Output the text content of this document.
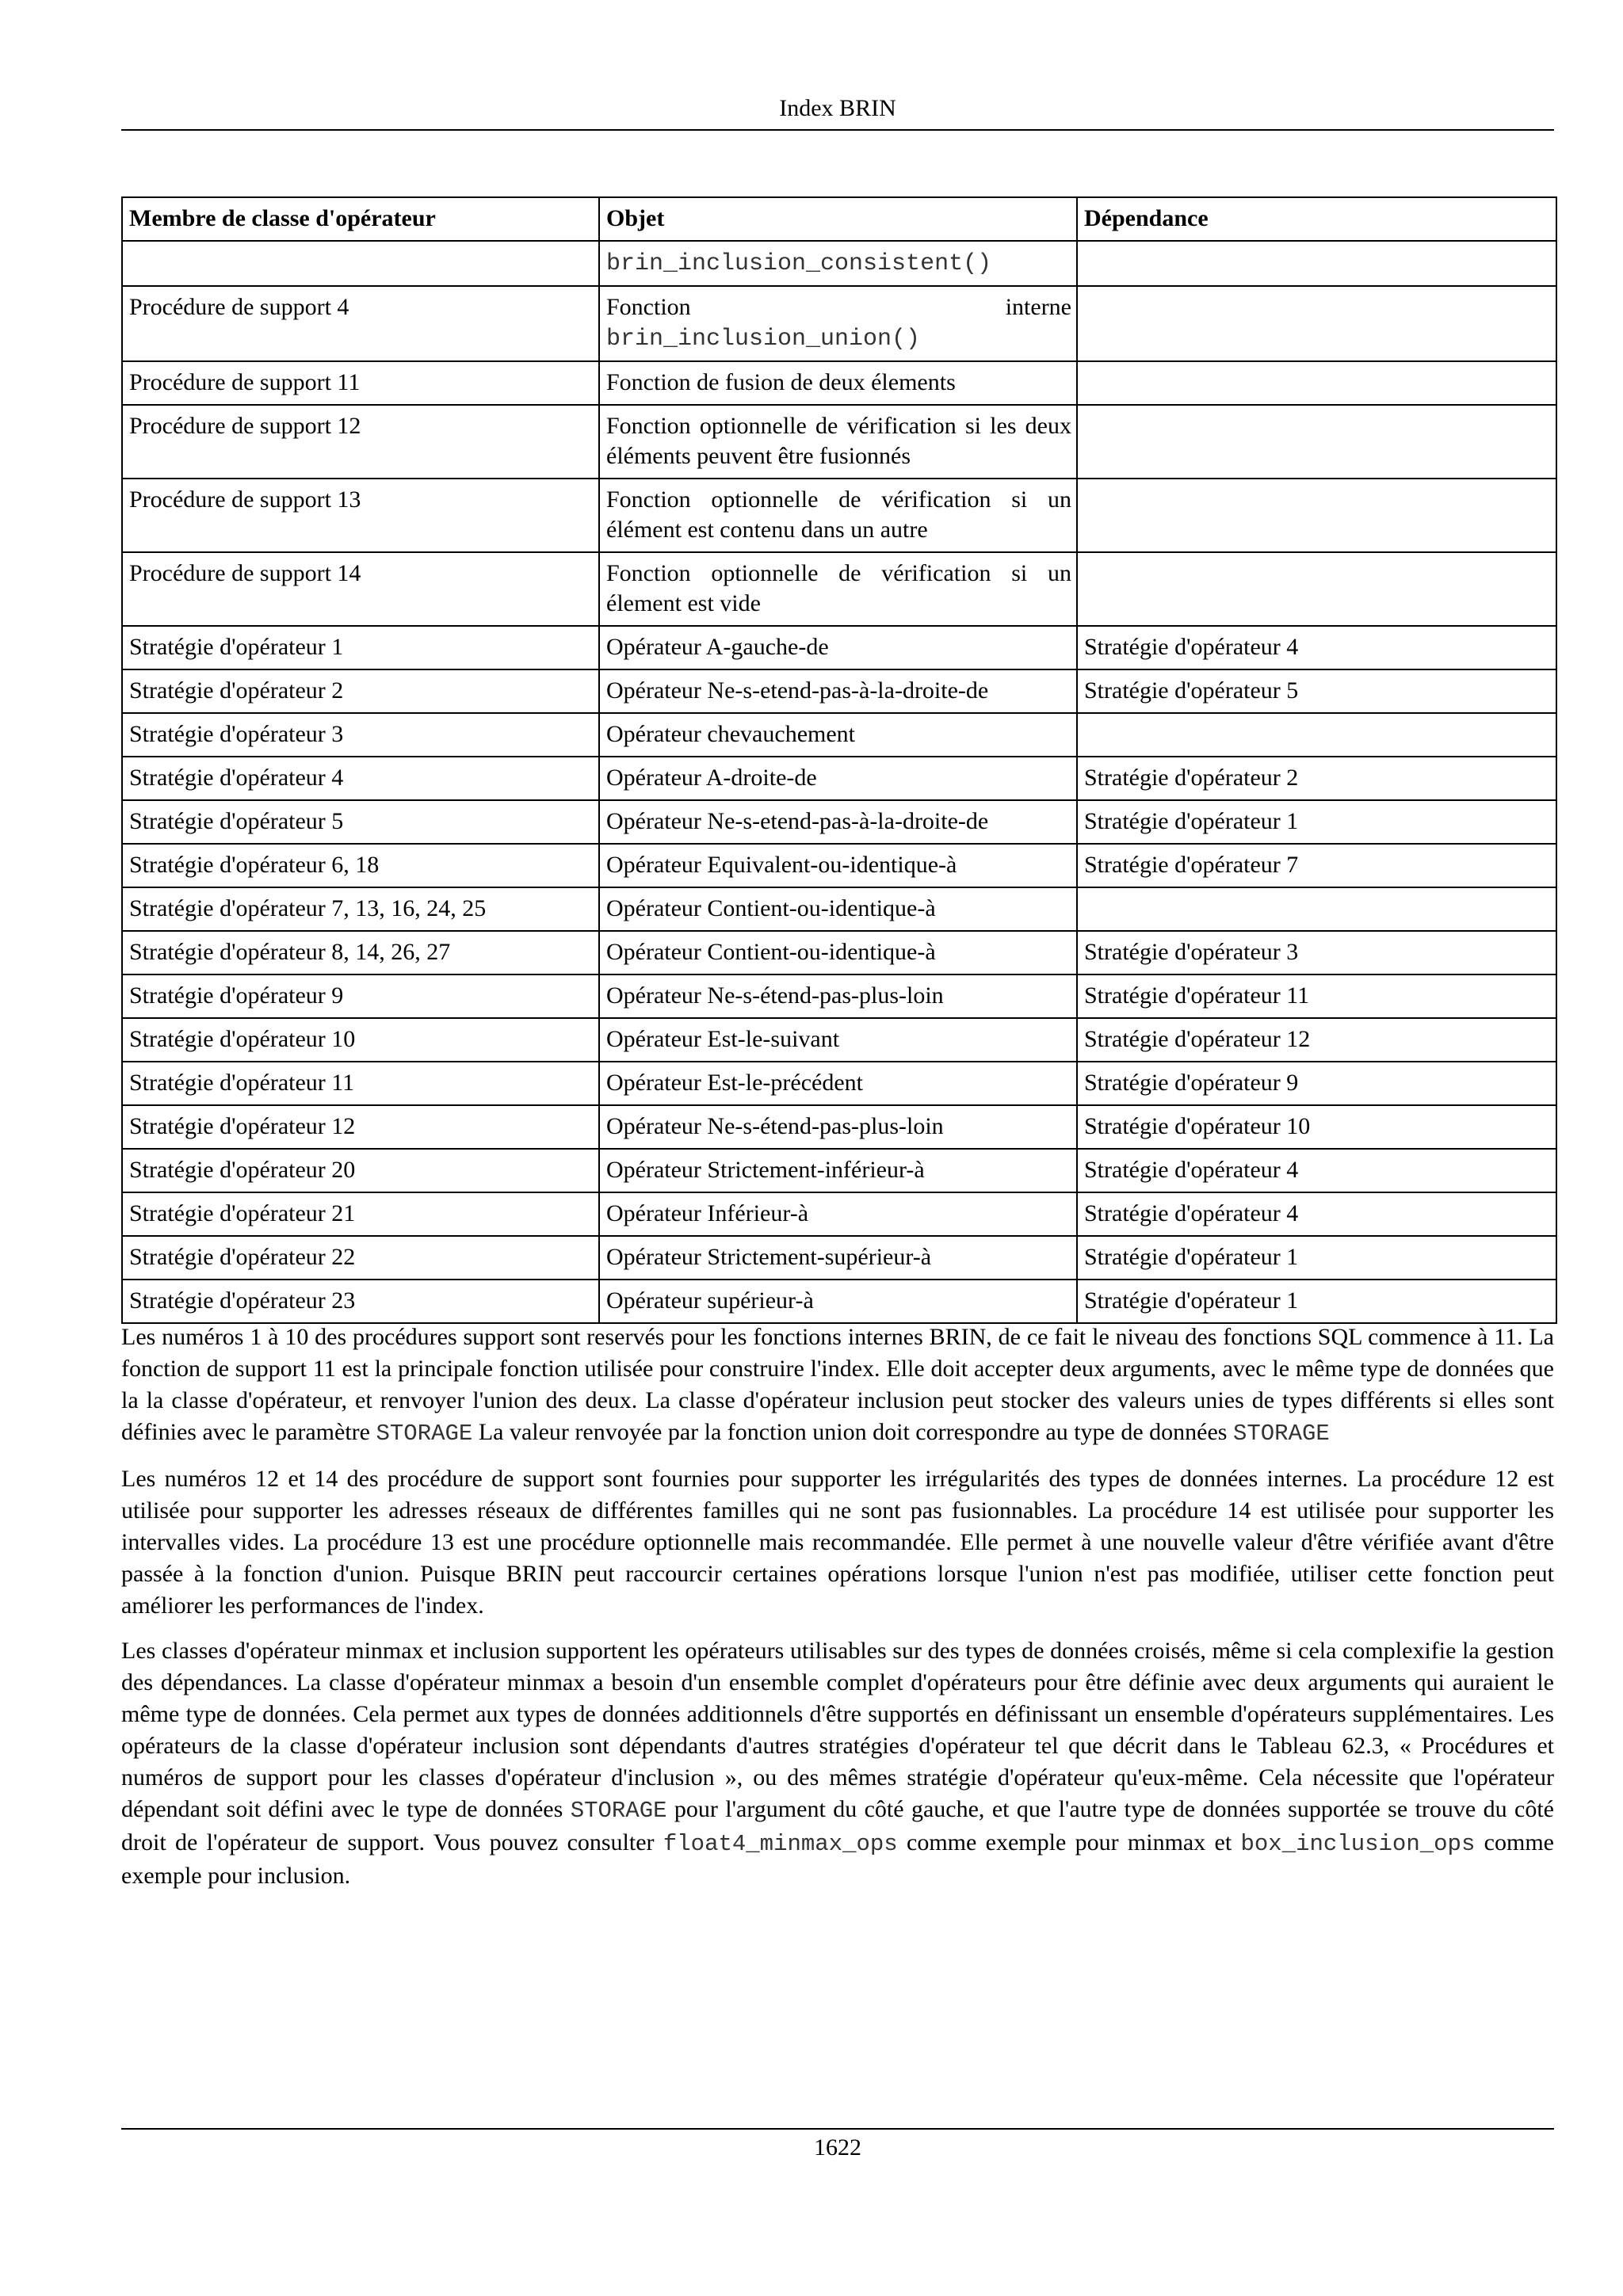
Index BRIN
Membre de classe d'opérateur	Objet	Dépendance
	brin_inclusion_consistent()	
Procédure de support 4	Fonction interne
brin_inclusion_union()	
Procédure de support 11	Fonction de fusion de deux élements	
Procédure de support 12	Fonction optionnelle de vérification si les deux éléments peuvent être fusionnés	
Procédure de support 13	Fonction optionnelle de vérification si un élément est contenu dans un autre	
Procédure de support 14	Fonction optionnelle de vérification si un élement est vide	
Stratégie d'opérateur 1	Opérateur A-gauche-de	Stratégie d'opérateur 4
Stratégie d'opérateur 2	Opérateur Ne-s-etend-pas-à-la-droite-de	Stratégie d'opérateur 5
Stratégie d'opérateur 3	Opérateur chevauchement	
Stratégie d'opérateur 4	Opérateur A-droite-de	Stratégie d'opérateur 2
Stratégie d'opérateur 5	Opérateur Ne-s-etend-pas-à-la-droite-de	Stratégie d'opérateur 1
Stratégie d'opérateur 6, 18	Opérateur Equivalent-ou-identique-à	Stratégie d'opérateur 7
Stratégie d'opérateur 7, 13, 16, 24, 25	Opérateur Contient-ou-identique-à	
Stratégie d'opérateur 8, 14, 26, 27	Opérateur Contient-ou-identique-à	Stratégie d'opérateur 3
Stratégie d'opérateur 9	Opérateur Ne-s-étend-pas-plus-loin	Stratégie d'opérateur 11
Stratégie d'opérateur 10	Opérateur Est-le-suivant	Stratégie d'opérateur 12
Stratégie d'opérateur 11	Opérateur Est-le-précédent	Stratégie d'opérateur 9
Stratégie d'opérateur 12	Opérateur Ne-s-étend-pas-plus-loin	Stratégie d'opérateur 10
Stratégie d'opérateur 20	Opérateur Strictement-inférieur-à	Stratégie d'opérateur 4
Stratégie d'opérateur 21	Opérateur Inférieur-à	Stratégie d'opérateur 4
Stratégie d'opérateur 22	Opérateur Strictement-supérieur-à	Stratégie d'opérateur 1
Stratégie d'opérateur 23	Opérateur supérieur-à	Stratégie d'opérateur 1

Les numéros 1 à 10 des procédures support sont reservés pour les fonctions internes BRIN, de ce fait le niveau des fonctions SQL commence à 11. La fonction de support 11 est la principale fonction utilisée pour construire l'index. Elle doit accepter deux arguments, avec le même type de données que la la classe d'opérateur, et renvoyer l'union des deux. La classe d'opérateur inclusion peut stocker des valeurs unies de types différents si elles sont définies avec le paramètre STORAGE La valeur renvoyée par la fonction union doit correspondre au type de données STORAGE

Les numéros 12 et 14 des procédure de support sont fournies pour supporter les irrégularités des types de données internes. La procédure 12 est utilisée pour supporter les adresses réseaux de différentes familles qui ne sont pas fusionnables. La procédure 14 est utilisée pour supporter les intervalles vides. La procédure 13 est une procédure optionnelle mais recommandée. Elle permet à une nouvelle valeur d'être vérifiée avant d'être passée à la fonction d'union. Puisque BRIN peut raccourcir certaines opérations lorsque l'union n'est pas modifiée, utiliser cette fonction peut améliorer les performances de l'index.

Les classes d'opérateur minmax et inclusion supportent les opérateurs utilisables sur des types de données croisés, même si cela complexifie la gestion des dépendances. La classe d'opérateur minmax a besoin d'un ensemble complet d'opérateurs pour être définie avec deux arguments qui auraient le même type de données. Cela permet aux types de données additionnels d'être supportés en définissant un ensemble d'opérateurs supplémentaires. Les opérateurs de la classe d'opérateur inclusion sont dépendants d'autres stratégies d'opérateur tel que décrit dans le Tableau 62.3, « Procédures et numéros de support pour les classes d'opérateur d'inclusion », ou des mêmes stratégie d'opérateur qu'eux-même. Cela nécessite que l'opérateur dépendant soit défini avec le type de données STORAGE pour l'argument du côté gauche, et que l'autre type de données supportée se trouve du côté droit de l'opérateur de support. Vous pouvez consulter float4_minmax_ops comme exemple pour minmax et box_inclusion_ops comme exemple pour inclusion.

1622
